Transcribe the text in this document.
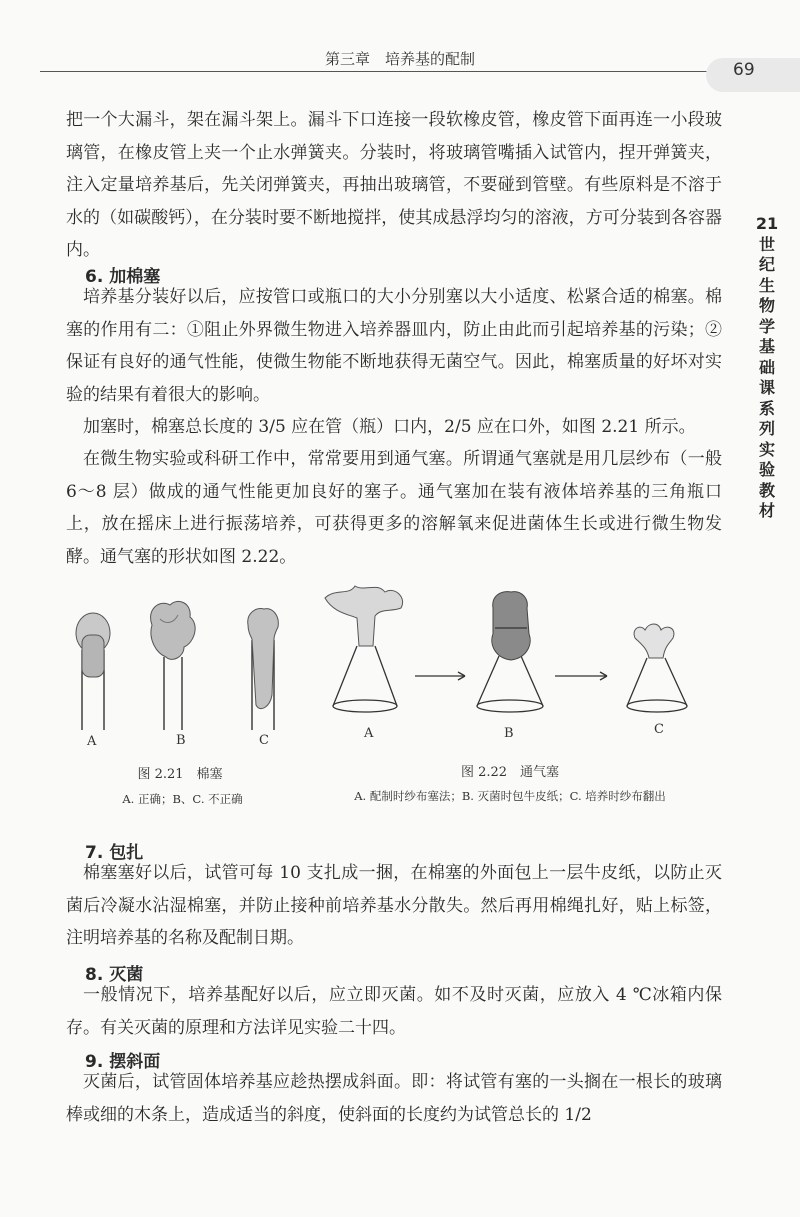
第三章　培养基的配制
69
21世纪生物学基础课系列实验教材

把一个大漏斗，架在漏斗架上。漏斗下口连接一段软橡皮管，橡皮管下面再连一小段玻璃管，在橡皮管上夹一个止水弹簧夹。分装时，将玻璃管嘴插入试管内，捏开弹簧夹，注入定量培养基后，先关闭弹簧夹，再抽出玻璃管，不要碰到管壁。有些原料是不溶于水的（如碳酸钙），在分装时要不断地搅拌，使其成悬浮均匀的溶液，方可分装到各容器内。

6. 加棉塞

培养基分装好以后，应按管口或瓶口的大小分别塞以大小适度、松紧合适的棉塞。棉塞的作用有二：①阻止外界微生物进入培养器皿内，防止由此而引起培养基的污染；②保证有良好的通气性能，使微生物能不断地获得无菌空气。因此，棉塞质量的好坏对实验的结果有着很大的影响。

加塞时，棉塞总长度的 3/5 应在管（瓶）口内，2/5 应在口外，如图 2.21 所示。

在微生物实验或科研工作中，常常要用到通气塞。所谓通气塞就是用几层纱布（一般 6～8 层）做成的通气性能更加良好的塞子。通气塞加在装有液体培养基的三角瓶口上，放在摇床上进行振荡培养，可获得更多的溶解氧来促进菌体生长或进行微生物发酵。通气塞的形状如图 2.22。

A	B	C
图 2.21　棉塞
A. 正确；B、C. 不正确
A	B	C
图 2.22　通气塞
A. 配制时纱布塞法；B. 灭菌时包牛皮纸；C. 培养时纱布翻出

7. 包扎

棉塞塞好以后，试管可每 10 支扎成一捆，在棉塞的外面包上一层牛皮纸，以防止灭菌后冷凝水沾湿棉塞，并防止接种前培养基水分散失。然后再用棉绳扎好，贴上标签，注明培养基的名称及配制日期。

8. 灭菌

一般情况下，培养基配好以后，应立即灭菌。如不及时灭菌，应放入 4 ℃冰箱内保存。有关灭菌的原理和方法详见实验二十四。

9. 摆斜面

灭菌后，试管固体培养基应趁热摆成斜面。即：将试管有塞的一头搁在一根长的玻璃棒或细的木条上，造成适当的斜度，使斜面的长度约为试管总长的 1/2
